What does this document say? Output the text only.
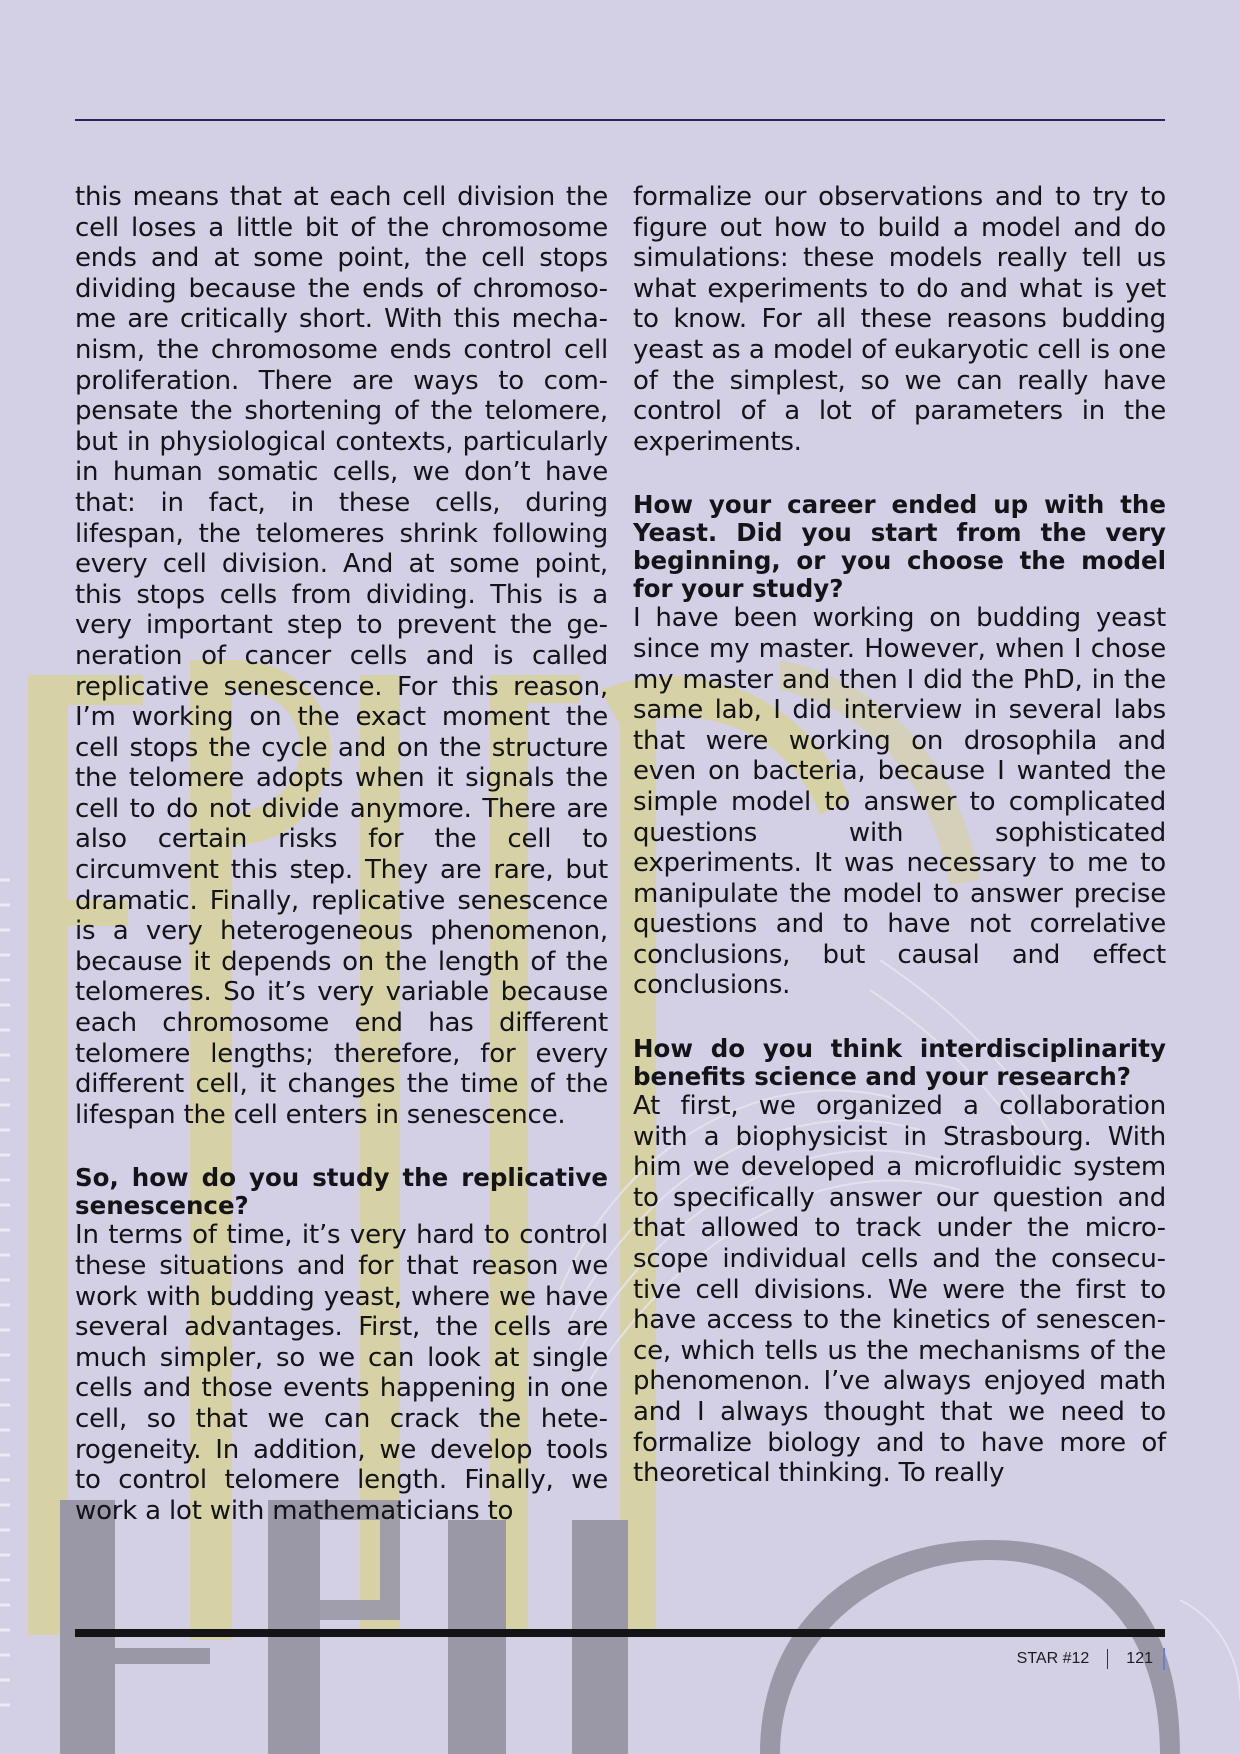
this means that at each cell division the cell loses a little bit of the chromosome ends and at some point, the cell stops dividing because the ends of chromosome are critically short. With this mechanism, the chromosome ends control cell proliferation. There are ways to compensate the shortening of the telomere, but in physiological contexts, particularly in human somatic cells, we don’t have that: in fact, in these cells, during lifespan, the telomeres shrink following every cell division. And at some point, this stops cells from dividing. This is a very important step to prevent the generation of cancer cells and is called replicative senescence. For this reason, I’m working on the exact moment the cell stops the cycle and on the structure the telomere adopts when it signals the cell to do not divide anymore. There are also certain risks for the cell to circumvent this step. They are rare, but dramatic. Finally, replicative senescence is a very heterogeneous phenomenon, because it depends on the length of the telomeres. So it’s very variable because each chromosome end has different telomere lengths; therefore, for every different cell, it changes the time of the lifespan the cell enters in senescence.

So, how do you study the replicative senescence?

In terms of time, it’s very hard to control these situations and for that reason we work with budding yeast, where we have several advantages. First, the cells are much simpler, so we can look at single cells and those events happening in one cell, so that we can crack the heterogeneity. In addition, we develop tools to control telomere length. Finally, we work a lot with mathematicians to

formalize our observations and to try to figure out how to build a model and do simulations: these models really tell us what experiments to do and what is yet to know. For all these reasons budding yeast as a model of eukaryotic cell is one of the simplest, so we can really have control of a lot of parameters in the experiments.

How your career ended up with the Yeast. Did you start from the very beginning, or you choose the model for your study?

I have been working on budding yeast since my master. However, when I chose my master and then I did the PhD, in the same lab, I did interview in several labs that were working on drosophila and even on bacteria, because I wanted the simple model to answer to complicated questions with sophisticated experiments. It was necessary to me to manipulate the model to answer precise questions and to have not correlative conclusions, but causal and effect conclusions.

How do you think interdisciplinarity benefits science and your research?

At first, we organized a collaboration with a biophysicist in Strasbourg. With him we developed a microfluidic system to specifically answer our question and that allowed to track under the microscope individual cells and the consecutive cell divisions. We were the first to have access to the kinetics of senescence, which tells us the mechanisms of the phenomenon. I’ve always enjoyed math and I always thought that we need to formalize biology and to have more of theoretical thinking. To really

STAR #12 121
